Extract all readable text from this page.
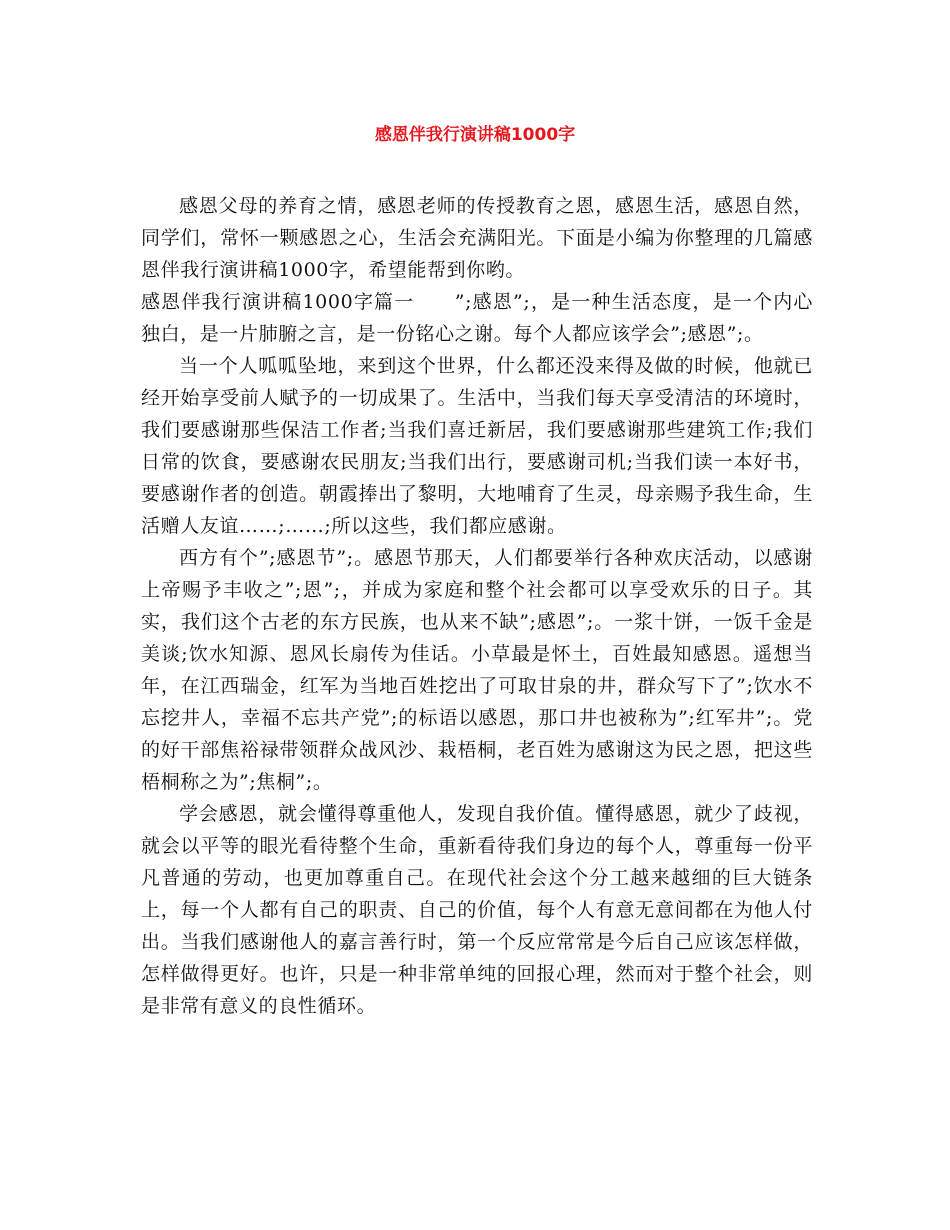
感恩伴我行演讲稿1000字

感恩父母的养育之情，感恩老师的传授教育之恩，感恩生活，感恩自然，同学们，常怀一颗感恩之心，生活会充满阳光。下面是小编为你整理的几篇感恩伴我行演讲稿1000字，希望能帮到你哟。

感恩伴我行演讲稿1000字篇一　　”;感恩”;，是一种生活态度，是一个内心独白，是一片肺腑之言，是一份铭心之谢。每个人都应该学会”;感恩”;。

当一个人呱呱坠地，来到这个世界，什么都还没来得及做的时候，他就已经开始享受前人赋予的一切成果了。生活中，当我们每天享受清洁的环境时，我们要感谢那些保洁工作者;当我们喜迁新居，我们要感谢那些建筑工作;我们日常的饮食，要感谢农民朋友;当我们出行，要感谢司机;当我们读一本好书，要感谢作者的创造。朝霞捧出了黎明，大地哺育了生灵，母亲赐予我生命，生活赠人友谊……;……;所以这些，我们都应感谢。

西方有个”;感恩节”;。感恩节那天，人们都要举行各种欢庆活动，以感谢上帝赐予丰收之”;恩”;，并成为家庭和整个社会都可以享受欢乐的日子。其实，我们这个古老的东方民族，也从来不缺”;感恩”;。一浆十饼，一饭千金是美谈;饮水知源、恩风长扇传为佳话。小草最是怀土，百姓最知感恩。遥想当年，在江西瑞金，红军为当地百姓挖出了可取甘泉的井，群众写下了”;饮水不忘挖井人，幸福不忘共产党”;的标语以感恩，那口井也被称为”;红军井”;。党的好干部焦裕禄带领群众战风沙、栽梧桐，老百姓为感谢这为民之恩，把这些梧桐称之为”;焦桐”;。

学会感恩，就会懂得尊重他人，发现自我价值。懂得感恩，就少了歧视，就会以平等的眼光看待整个生命，重新看待我们身边的每个人，尊重每一份平凡普通的劳动，也更加尊重自己。在现代社会这个分工越来越细的巨大链条上，每一个人都有自己的职责、自己的价值，每个人有意无意间都在为他人付出。当我们感谢他人的嘉言善行时，第一个反应常常是今后自己应该怎样做，怎样做得更好。也许，只是一种非常单纯的回报心理，然而对于整个社会，则是非常有意义的良性循环。
